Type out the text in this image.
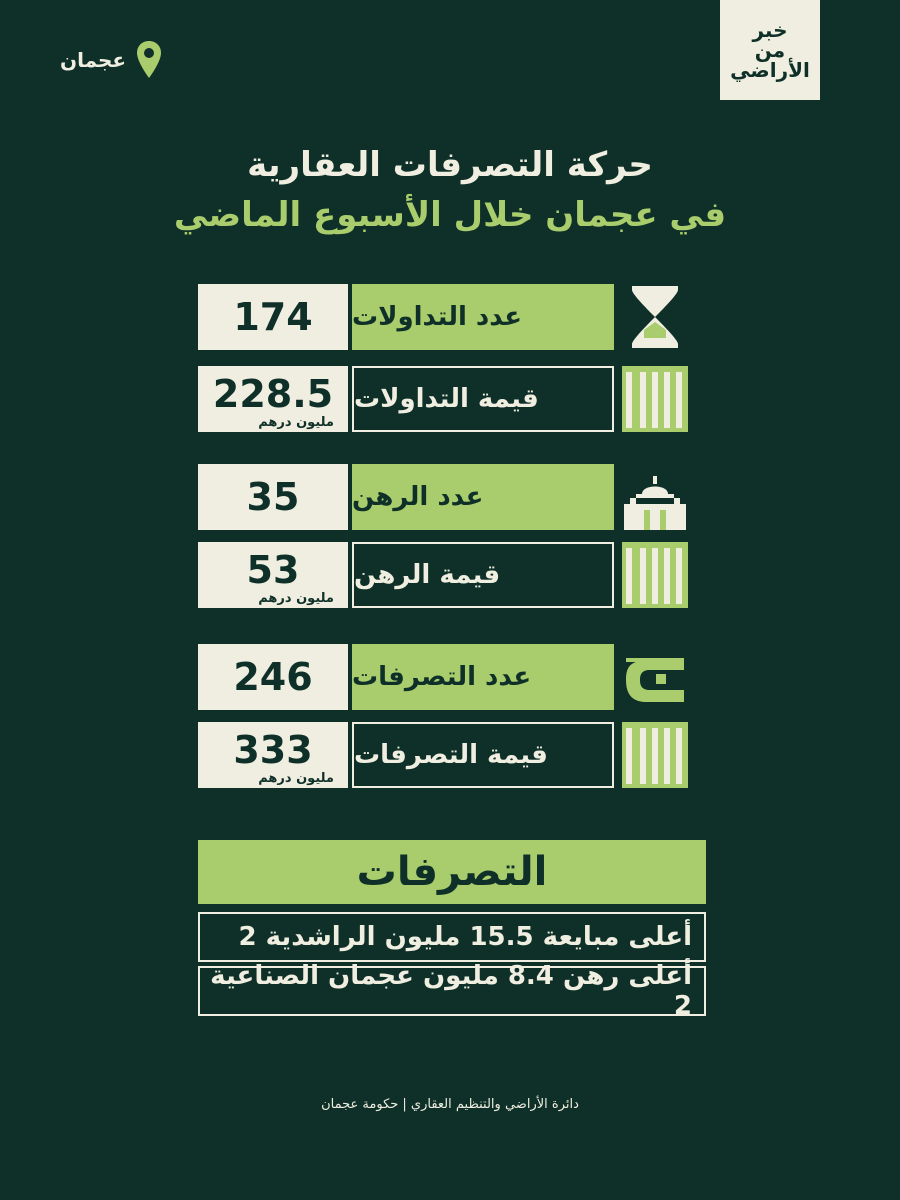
خبر
من
الأراضي
عجمان
حركة التصرفات العقارية
في عجمان خلال الأسبوع الماضي
174 عدد التداولات
228.5
مليون درهم
قيمة التداولات
35 عدد الرهن
53
مليون درهم
قيمة الرهن
246 عدد التصرفات
333
مليون درهم
قيمة التصرفات
التصرفات
أعلى مبايعة 15.5 مليون الراشدية 2
أعلى رهن 8.4 مليون عجمان الصناعية 2
دائرة الأراضي والتنظيم العقاري | حكومة عجمان
